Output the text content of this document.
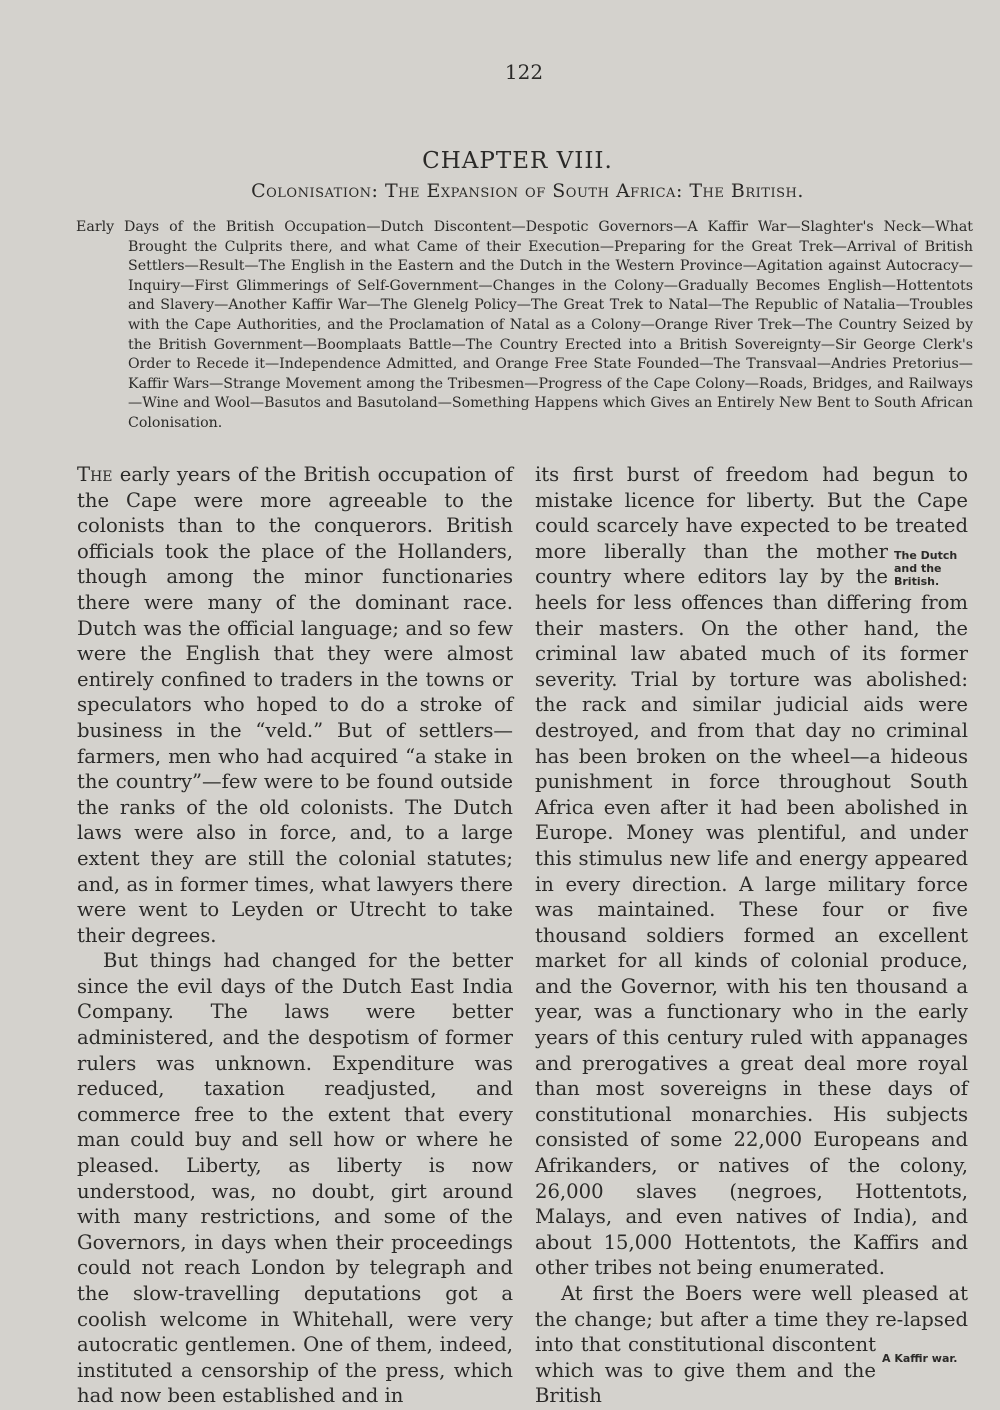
122
CHAPTER VIII.
Colonisation: The Expansion of South Africa: The British.
Early Days of the British Occupation—Dutch Discontent—Despotic Governors—A Kaffir War—Slaghter's Neck—What Brought the Culprits there, and what Came of their Execution—Preparing for the Great Trek—Arrival of British Settlers—Result—The English in the Eastern and the Dutch in the Western Province—Agitation against Autocracy—Inquiry—First Glimmerings of Self-Government—Changes in the Colony—Gradually Becomes English—Hottentots and Slavery—Another Kaffir War—The Glenelg Policy—The Great Trek to Natal—The Republic of Natalia—Troubles with the Cape Authorities, and the Proclamation of Natal as a Colony—Orange River Trek—The Country Seized by the British Government—Boomplaats Battle—The Country Erected into a British Sovereignty—Sir George Clerk's Order to Recede it—Independence Admitted, and Orange Free State Founded—The Transvaal—Andries Pretorius—Kaffir Wars—Strange Movement among the Tribesmen—Progress of the Cape Colony—Roads, Bridges, and Railways—Wine and Wool—Basutos and Basutoland—Something Happens which Gives an Entirely New Bent to South African Colonisation.

The early years of the British occupation of the Cape were more agreeable to the colonists than to the conquerors. British officials took the place of the Hollanders, though among the minor functionaries there were many of the dominant race. Dutch was the official language; and so few were the English that they were almost entirely confined to traders in the towns or speculators who hoped to do a stroke of business in the “veld.” But of settlers—farmers, men who had acquired “a stake in the country”—few were to be found outside the ranks of the old colonists. The Dutch laws were also in force, and, to a large extent they are still the colonial statutes; and, as in former times, what lawyers there were went to Leyden or Utrecht to take their degrees.

But things had changed for the better since the evil days of the Dutch East India Company. The laws were better administered, and the despotism of former rulers was unknown. Expenditure was reduced, taxation readjusted, and commerce free to the extent that every man could buy and sell how or where he pleased. Liberty, as liberty is now understood, was, no doubt, girt around with many restrictions, and some of the Governors, in days when their proceedings could not reach London by telegraph and the slow-travelling deputations got a coolish welcome in Whitehall, were very autocratic gentlemen. One of them, indeed, instituted a censorship of the press, which had now been established and in

its first burst of freedom had begun to mistake licence for liberty. But the Cape could scarcely have expected to be treated
The Dutch and the British.
more liberally than the mother country where editors lay by the heels for less offences than differing from their masters. On the other hand, the criminal law abated much of its former severity. Trial by torture was abolished: the rack and similar judicial aids were destroyed, and from that day no criminal has been broken on the wheel—a hideous punishment in force throughout South Africa even after it had been abolished in Europe. Money was plentiful, and under this stimulus new life and energy appeared in every direction. A large military force was maintained. These four or five thousand soldiers formed an excellent market for all kinds of colonial produce, and the Governor, with his ten thousand a year, was a functionary who in the early years of this century ruled with appanages and prerogatives a great deal more royal than most sovereigns in these days of constitutional monarchies. His subjects consisted of some 22,000 Europeans and Afrikanders, or natives of the colony, 26,000 slaves (negroes, Hottentots, Malays, and even natives of India), and about 15,000 Hottentots, the Kaffirs and other tribes not being enumerated.

At first the Boers were well pleased at the change; but after a time they re-
A Kaffir war.
lapsed into that constitutional discontent which was to give them and the British
